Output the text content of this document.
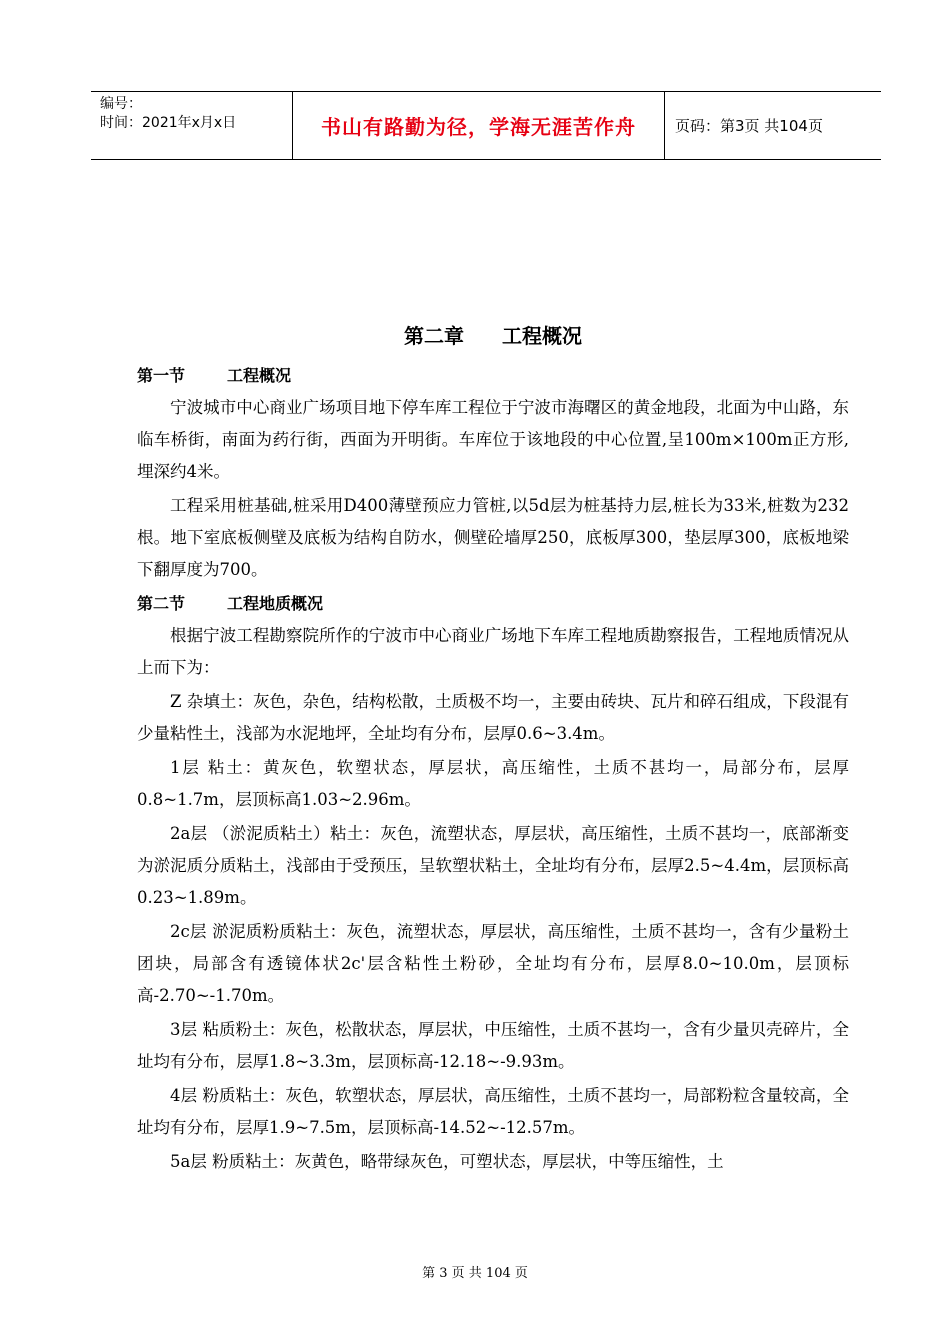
编号：
时间：2021年x月x日	书山有路勤为径，学海无涯苦作舟	页码：第3页 共104页
第二章 工程概况
第一节	工程概况

宁波城市中心商业广场项目地下停车库工程位于宁波市海曙区的黄金地段，北面为中山路，东临车桥街，南面为药行街，西面为开明街。车库位于该地段的中心位置,呈100m×100m正方形,埋深约4米。

工程采用桩基础,桩采用D400薄壁预应力管桩,以5d层为桩基持力层,桩长为33米,桩数为232根。地下室底板侧壁及底板为结构自防水，侧壁砼墙厚250，底板厚300，垫层厚300，底板地梁下翻厚度为700。

第二节	工程地质概况

根据宁波工程勘察院所作的宁波市中心商业广场地下车库工程地质勘察报告，工程地质情况从上而下为：

Z 杂填土：灰色，杂色，结构松散，土质极不均一，主要由砖块、瓦片和碎石组成，下段混有少量粘性土，浅部为水泥地坪，全址均有分布，层厚0.6~3.4m。

1层 粘土：黄灰色，软塑状态，厚层状，高压缩性，土质不甚均一，局部分布，层厚0.8~1.7m，层顶标高1.03~2.96m。

2a层 （淤泥质粘土）粘土：灰色，流塑状态，厚层状，高压缩性，土质不甚均一，底部渐变为淤泥质分质粘土，浅部由于受预压，呈软塑状粘土，全址均有分布，层厚2.5~4.4m，层顶标高0.23~1.89m。

2c层 淤泥质粉质粘土：灰色，流塑状态，厚层状，高压缩性，土质不甚均一，含有少量粉土团块，局部含有透镜体状2c'层含粘性土粉砂，全址均有分布，层厚8.0~10.0m，层顶标高-2.70~-1.70m。

3层 粘质粉土：灰色，松散状态，厚层状，中压缩性，土质不甚均一，含有少量贝壳碎片，全址均有分布，层厚1.8~3.3m，层顶标高-12.18~-9.93m。

4层 粉质粘土：灰色，软塑状态，厚层状，高压缩性，土质不甚均一，局部粉粒含量较高，全址均有分布，层厚1.9~7.5m，层顶标高-14.52~-12.57m。

5a层 粉质粘土：灰黄色，略带绿灰色，可塑状态，厚层状，中等压缩性，土

第 3 页 共 104 页
